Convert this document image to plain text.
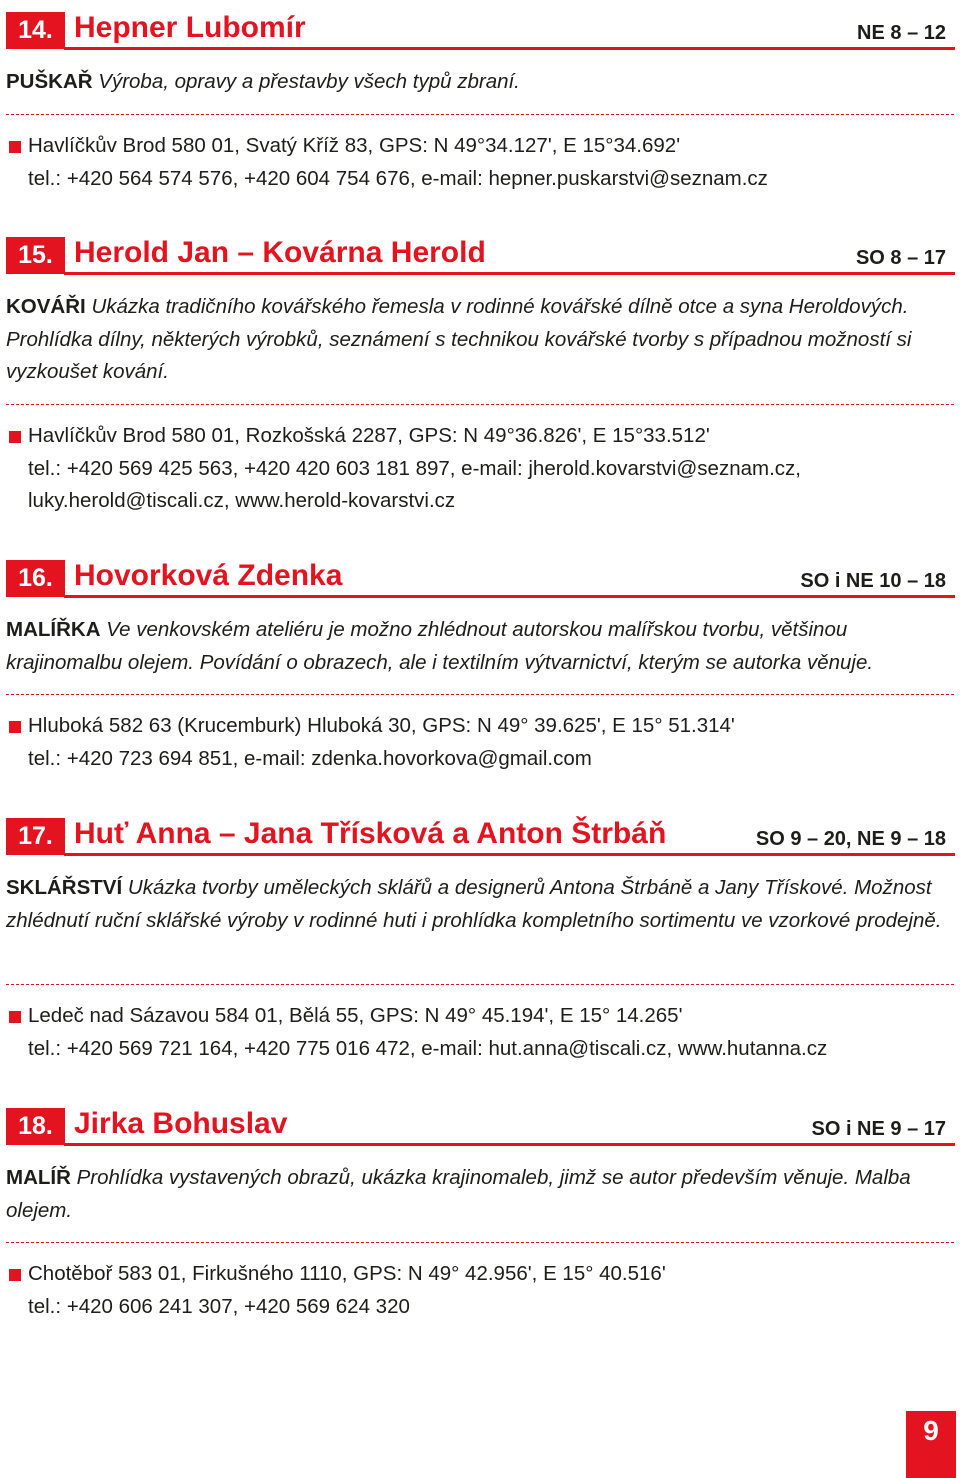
14. Hepner Lubomír	NE 8 – 12
PUŠKAŘ Výroba, opravy a přestavby všech typů zbraní.
Havlíčkův Brod 580 01, Svatý Kříž 83, GPS: N 49°34.127', E 15°34.692'
tel.: +420 564 574 576, +420 604 754 676, e-mail: hepner.puskarstvi@seznam.cz
15. Herold Jan – Kovárna Herold	SO 8 – 17
KOVÁŘI Ukázka tradičního kovářského řemesla v rodinné kovářské dílně otce a syna Heroldových. Prohlídka dílny, některých výrobků, seznámení s technikou kovářské tvorby s případnou možností si vyzkoušet kování.
Havlíčkův Brod 580 01, Rozkošská 2287, GPS: N 49°36.826', E 15°33.512'
tel.: +420 569 425 563, +420 420 603 181 897, e-mail: jherold.kovarstvi@seznam.cz, luky.herold@tiscali.cz, www.herold-kovarstvi.cz
16. Hovorková Zdenka	SO i NE 10 – 18
MALÍŘKA Ve venkovském ateliéru je možno zhlédnout autorskou malířskou tvorbu, většinou krajinomalbu olejem. Povídání o obrazech, ale i textilním výtvarnictví, kterým se autorka věnuje.
Hluboká 582 63 (Krucemburk) Hluboká 30, GPS: N 49° 39.625', E 15° 51.314'
tel.: +420 723 694 851, e-mail: zdenka.hovorkova@gmail.com
17. Huť Anna – Jana Třísková a Anton Štrbáň	SO 9 – 20, NE 9 – 18
SKLÁŘSTVÍ Ukázka tvorby uměleckých sklářů a designerů Antona Štrbáně a Jany Třískové. Možnost zhlédnutí ruční sklářské výroby v rodinné huti i prohlídka kompletního sortimentu ve vzorkové prodejně.
Ledeč nad Sázavou 584 01, Bělá 55, GPS: N 49° 45.194', E 15° 14.265'
tel.: +420 569 721 164, +420 775 016 472, e-mail: hut.anna@tiscali.cz, www.hutanna.cz
18. Jirka Bohuslav	SO i NE 9 – 17
MALÍŘ Prohlídka vystavených obrazů, ukázka krajinomaleb, jimž se autor především věnuje. Malba olejem.
Chotěboř 583 01, Firkušného 1110, GPS: N 49° 42.956', E 15° 40.516'
tel.: +420 606 241 307, +420 569 624 320
9
